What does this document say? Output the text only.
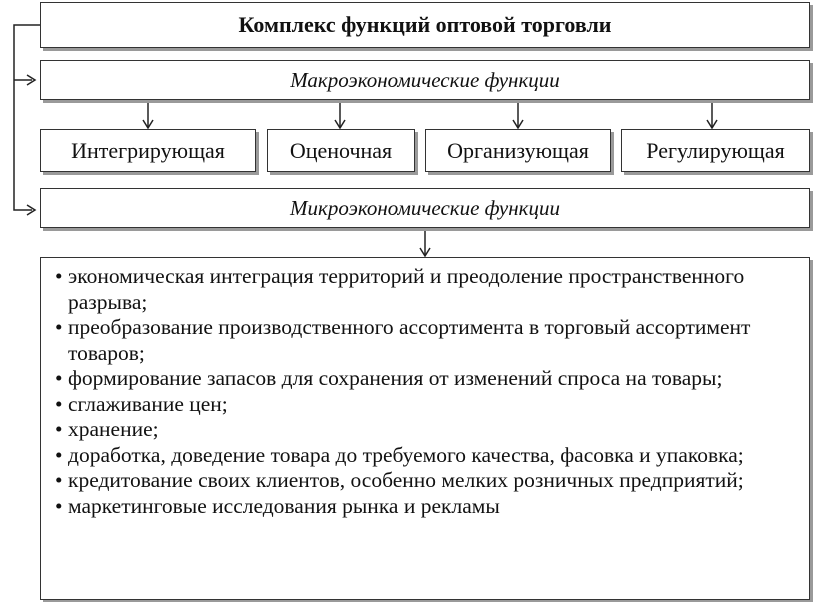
Комплекс функций оптовой торговли
Макроэкономические функции
Интегрирующая	Оценочная Организующая	Регулирующая
Микроэкономические функции
• экономическая интеграция территорий и преодоление пространственного разрыва;
• преобразование производственного ассортимента в торговый ассортимент товаров;
• формирование запасов для сохранения от изменений спроса на товары;
• сглаживание цен;
• хранение;
• доработка, доведение товара до требуемого качества, фасовка и упаковка;
• кредитование своих клиентов, особенно мелких розничных предприятий;
• маркетинговые исследования рынка и рекламы
